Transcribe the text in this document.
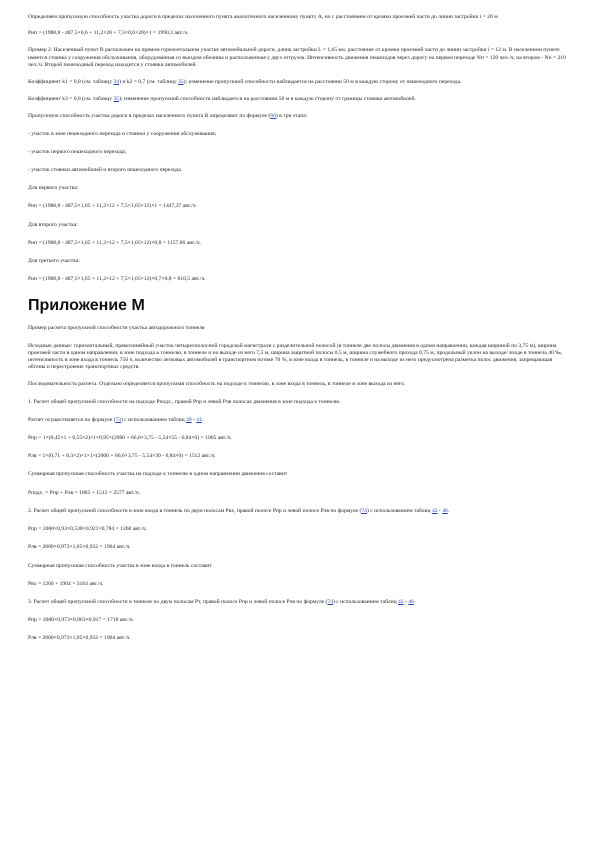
Определяем пропускную способность участка дороги в пределах населенного пункта аналогичного населенному пункту А, но с расстоянием от кромки проезжей части до линии застройки i = 20 м

Рнп = (1988,8 - 487,5×0,6 + 11,2×20 + 7,5×0,6×20)×1 = 1990,3 авт./ч.

Пример 2. Населенный пункт В расположен на прямом горизонтальном участке автомобильной дороги, длина застройки L = 1,65 км, расстояние от кромки проезжей части до линии застройки i = 12 м. В населенном пункте имеется стоянка у сооружения обслуживания, оборудованная со въездом обочины и расположенная у двух отгрузок. Интенсивность движения пешеходов через дорогу на первом переходе Nп = 120 чел./ч, на втором - Nп = 210 чел./ч. Второй пешеходный переход находится у стоянки автомобилей.

Коэффициент k1 = 0,8 (см. таблицу 34) и k2 = 0,7 (см. таблицу 35); изменение пропускной способности наблюдается на расстоянии 50 м в каждую сторону от пешеходного перехода.

Коэффициент k3 = 0,8 (см. таблицу 35); изменение пропускной способности наблюдается на расстоянии 50 м в каждую сторону от границы стоянки автомобилей.

Пропускную способность участка дороги в пределах населенного пункта В определяют по формуле (66) в три этапа:

- участок в зоне пешеходного перехода и стоянки у сооружения обслуживания;

- участок первого пешеходного перехода;

- участок стоянки автомобилей и второго пешеходного перехода.

Для первого участка:

Рнп = (1988,8 - 487,5×1,65 + 11,2×12 + 7,5×1,65×12)×1 = 1447,37 авт./ч.

Для второго участка:

Рнп = (1988,8 - 487,5×1,65 + 11,2×12 + 7,5×1,65×12)×0,8 = 1157,86 авт./ч.

Для третьего участка:

Рнп = (1988,8 - 487,5×1,65 + 11,2×12 + 7,5×1,65×12)×0,7×0,8 = 810,5 авт./ч.

Приложение М

Пример расчета пропускной способности участка автодорожного тоннеля

Исходные данные: горизонтальный, прямолинейный участок четырехполосной городской магистрали с разделительной полосой (в тоннеле две полосы движения в одном направлении, каждая шириной по 3,75 м), ширина проезжей части в одном направлении, в зоне подхода к тоннелю, в тоннеле и на выходе из него 7,5 м, ширина защитной полосы 0,5 м, ширина служебного прохода 0,75 м, продольный уклон на выходе/ входе в тоннель 40 ‰, интенсивность в зоне входа в тоннель 750 ч, количество легковых автомобилей в транспортном потоке 70 %, в зоне входа в тоннель, в тоннеле и на выходе из него предусмотрена разметка полос движения, запрещающая обгоны и перестроение транспортных средств.

Последовательность расчета. Отдельно определяется пропускная способность на подходе к тоннелю, в зоне входа в тоннель, в тоннеле и зоне выхода из него.

1. Расчет общей пропускной способности на подходе Рподх., правой Рпр и левой Рлв полосах движения в зоне подхода к тоннелю.

Расчет осуществляется по формуле (73) с использованием таблиц 39 - 41.

Рпр = 1×(0,45×1 + 0,55×2)×1×0,95×(2000 + 66,6×3,75 - 5,54×55 - 6,84×0) = 1065 авт./ч.

Рлв = 1×(0,71 + 0,3×2)×1×1×(2000 + 66,6×3,75 - 5,54×30 - 6,84×0) = 1512 авт./ч.

Суммарная пропускная способность участка на подходе к тоннелю в одном направлении движения составит

Рподх. = Рпр + Рлв = 1065 + 1512 = 2577 авт./ч.

2. Расчет общей пропускной способности в зоне входа в тоннель по двум полосам Рвх, правой полосе Рпр и левой полосе Рлв по формуле (74) с использованием таблиц 42 - 46.

Рпр = 2000×0,93×0,538×0,921×0,784 = 1260 авт./ч.

Рлв = 2000×0,973×1,05×0,932 = 1904 авт./ч.

Суммарная пропускная способность участка в зоне входа в тоннель составит

Рвх = 1260 + 1904 = 3164 авт./ч.

3. Расчет общей пропускной способности в тоннеле по двум полосам Рт, правой полосе Рпр и левой полосе Рлв по формуле (74) с использованием таблиц 42 - 46.

Рпр = 2000×0,973×0,963×0,917 = 1718 авт./ч.

Рлв = 2000×0,973×1,05×0,932 = 1904 авт./ч.
